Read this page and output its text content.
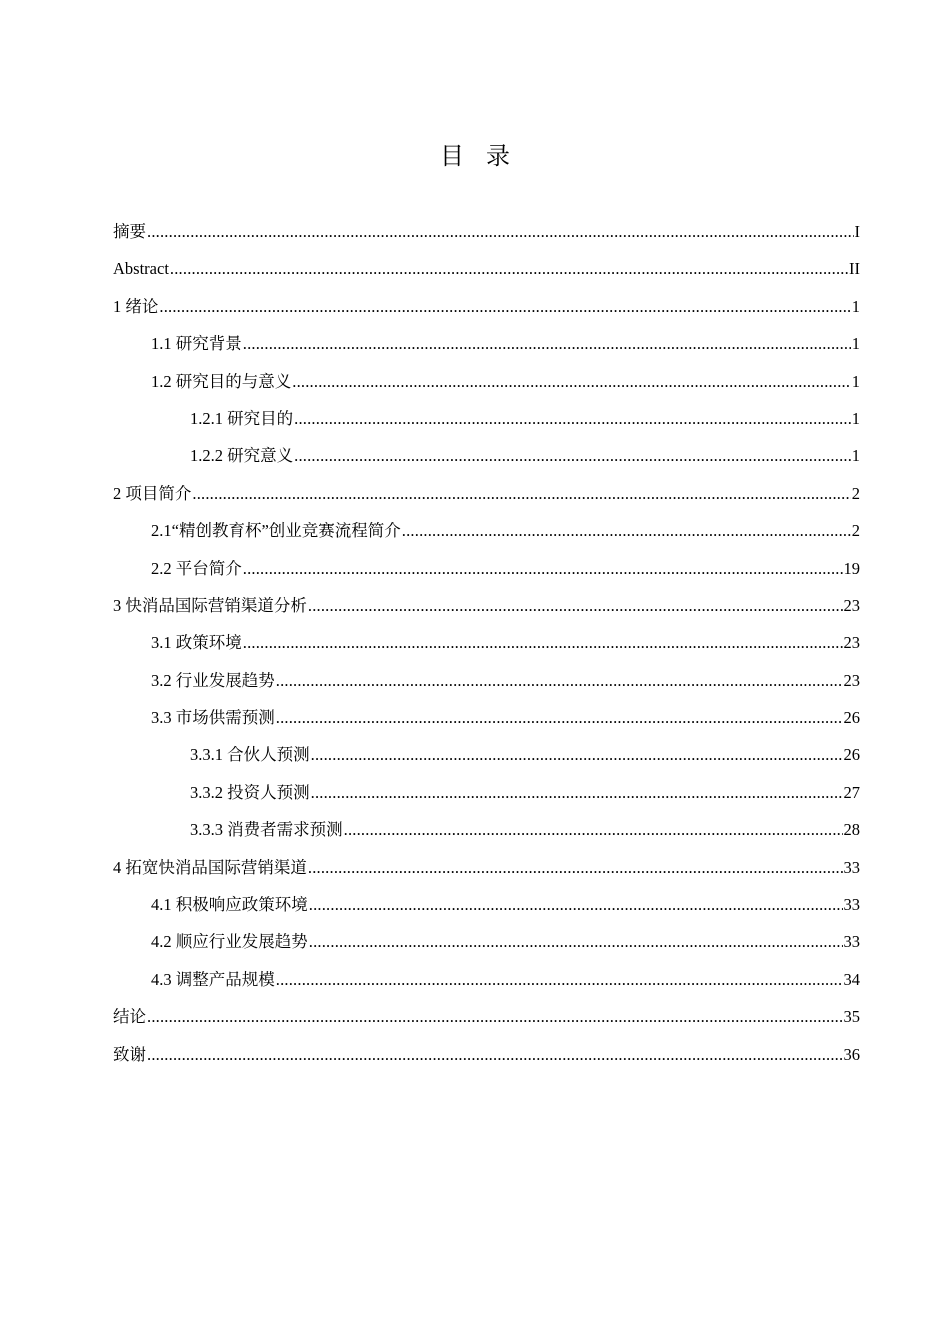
目录
摘要 .....	I
Abstract .....	II
1 绪论 .....	1
1.1 研究背景 .....	1
1.2 研究目的与意义 .....	1
1.2.1 研究目的 .....	1
1.2.2 研究意义 .....	1
2 项目简介 .....	2
2.1“精创教育杯”创业竞赛流程简介 .....	2
2.2 平台简介 .....	19
3 快消品国际营销渠道分析 .....	23
3.1 政策环境 .....	23
3.2 行业发展趋势 .....	23
3.3 市场供需预测 .....	26
3.3.1 合伙人预测 .....	26
3.3.2 投资人预测 .....	27
3.3.3 消费者需求预测 .....	28
4 拓宽快消品国际营销渠道 .....	33
4.1 积极响应政策环境 .....	33
4.2 顺应行业发展趋势 .....	33
4.3 调整产品规模 .....	34
结论 .....	35
致谢 .....	36
